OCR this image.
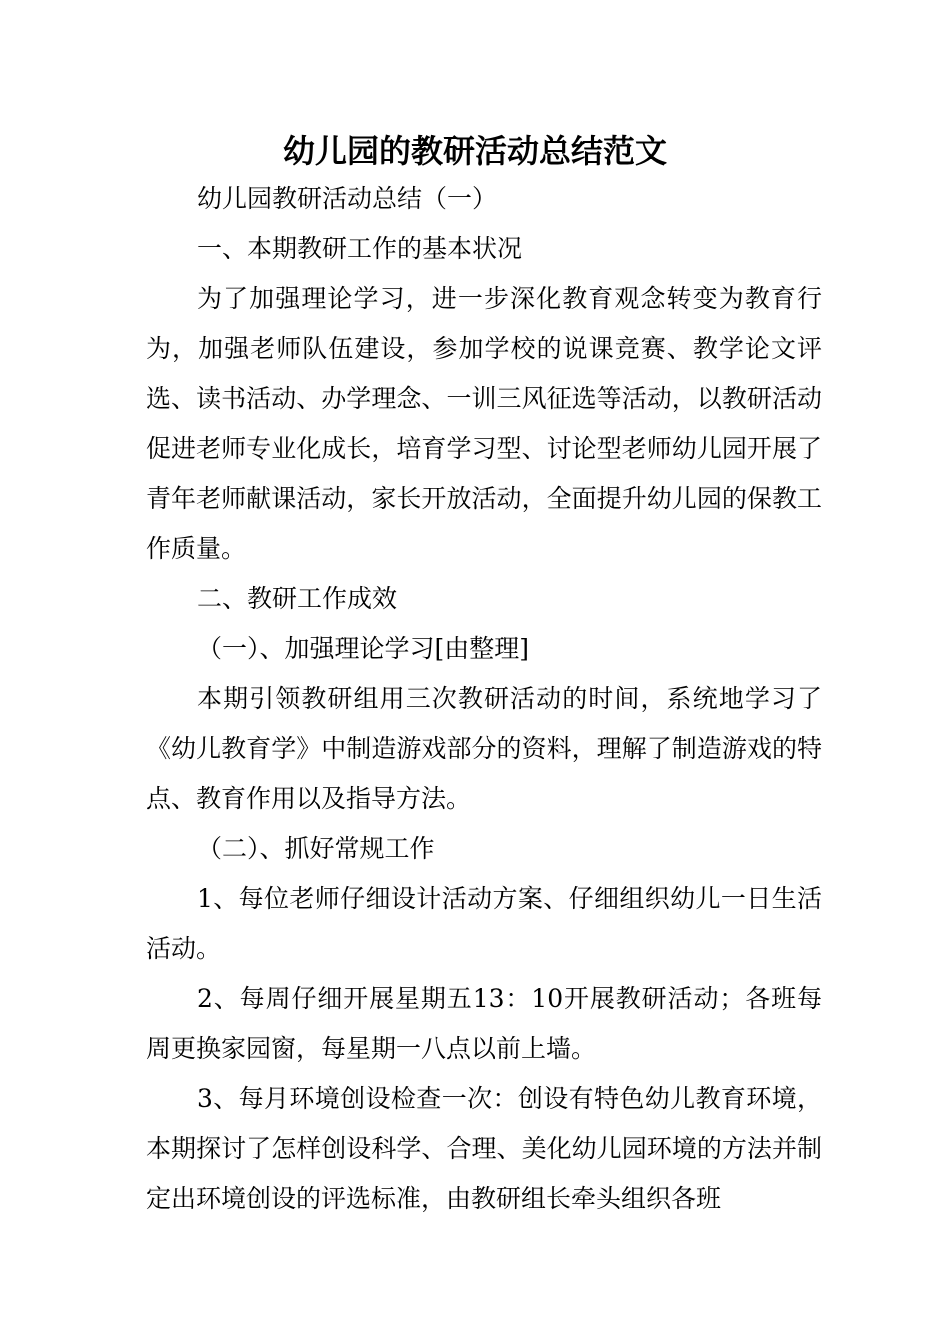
幼儿园的教研活动总结范文

幼儿园教研活动总结（一）

一、本期教研工作的基本状况

为了加强理论学习，进一步深化教育观念转变为教育行为，加强老师队伍建设，参加学校的说课竞赛、教学论文评选、读书活动、办学理念、一训三风征选等活动，以教研活动促进老师专业化成长，培育学习型、讨论型老师幼儿园开展了青年老师献课活动，家长开放活动，全面提升幼儿园的保教工作质量。

二、教研工作成效

（一）、加强理论学习[由整理]

本期引领教研组用三次教研活动的时间，系统地学习了《幼儿教育学》中制造游戏部分的资料，理解了制造游戏的特点、教育作用以及指导方法。

（二）、抓好常规工作

1、每位老师仔细设计活动方案、仔细组织幼儿一日生活活动。

2、每周仔细开展星期五13：10开展教研活动；各班每周更换家园窗，每星期一八点以前上墙。

3、每月环境创设检查一次：创设有特色幼儿教育环境，本期探讨了怎样创设科学、合理、美化幼儿园环境的方法并制定出环境创设的评选标准，由教研组长牵头组织各班
